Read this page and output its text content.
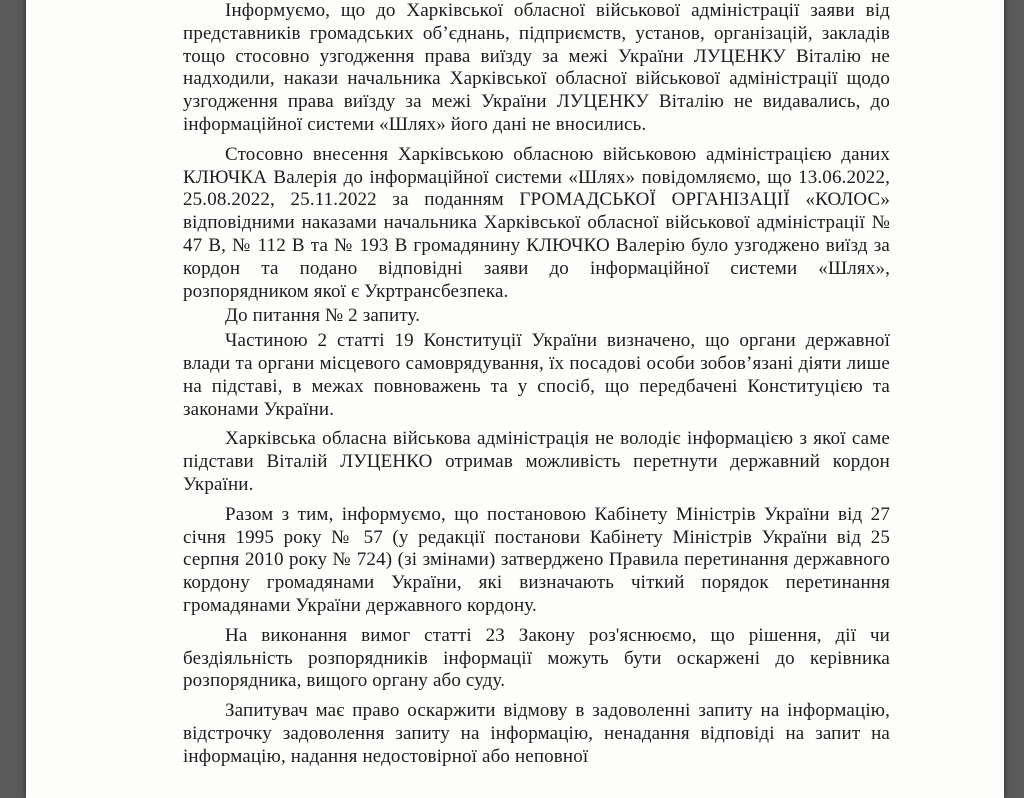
Інформуємо, що до Харківської обласної військової адміністрації заяви від представників громадських об’єднань, підприємств, установ, організацій, закладів тощо стосовно узгодження права виїзду за межі України ЛУЦЕНКУ Віталію не надходили, накази начальника Харківської обласної військової адміністрації щодо узгодження права виїзду за межі України ЛУЦЕНКУ Віталію не видавались, до інформаційної системи «Шлях» його дані не вносились.

Стосовно внесення Харківською обласною військовою адміністрацією даних КЛЮЧКА Валерія до інформаційної системи «Шлях» повідомляємо, що 13.06.2022, 25.08.2022, 25.11.2022 за поданням ГРОМАДСЬКОЇ ОРГАНІЗАЦІЇ «КОЛОС» відповідними наказами начальника Харківської обласної військової адміністрації № 47 В, № 112 В та № 193 В громадянину КЛЮЧКО Валерію було узгоджено виїзд за кордон та подано відповідні заяви до інформаційної системи «Шлях», розпорядником якої є Укртрансбезпека.

До питання № 2 запиту.

Частиною 2 статті 19 Конституції України визначено, що органи державної влади та органи місцевого самоврядування, їх посадові особи зобов’язані діяти лише на підставі, в межах повноважень та у спосіб, що передбачені Конституцією та законами України.

Харківська обласна військова адміністрація не володіє інформацією з якої саме підстави Віталій ЛУЦЕНКО отримав можливість перетнути державний кордон України.

Разом з тим, інформуємо, що постановою Кабінету Міністрів України від 27 січня 1995 року № 57 (у редакції постанови Кабінету Міністрів України від 25 серпня 2010 року № 724) (зі змінами) затверджено Правила перетинання державного кордону громадянами України, які визначають чіткий порядок перетинання громадянами України державного кордону.

На виконання вимог статті 23 Закону роз'яснюємо, що рішення, дії чи бездіяльність розпорядників інформації можуть бути оскаржені до керівника розпорядника, вищого органу або суду.

Запитувач має право оскаржити відмову в задоволенні запиту на інформацію, відстрочку задоволення запиту на інформацію, ненадання відповіді на запит на інформацію, надання недостовірної або неповної
